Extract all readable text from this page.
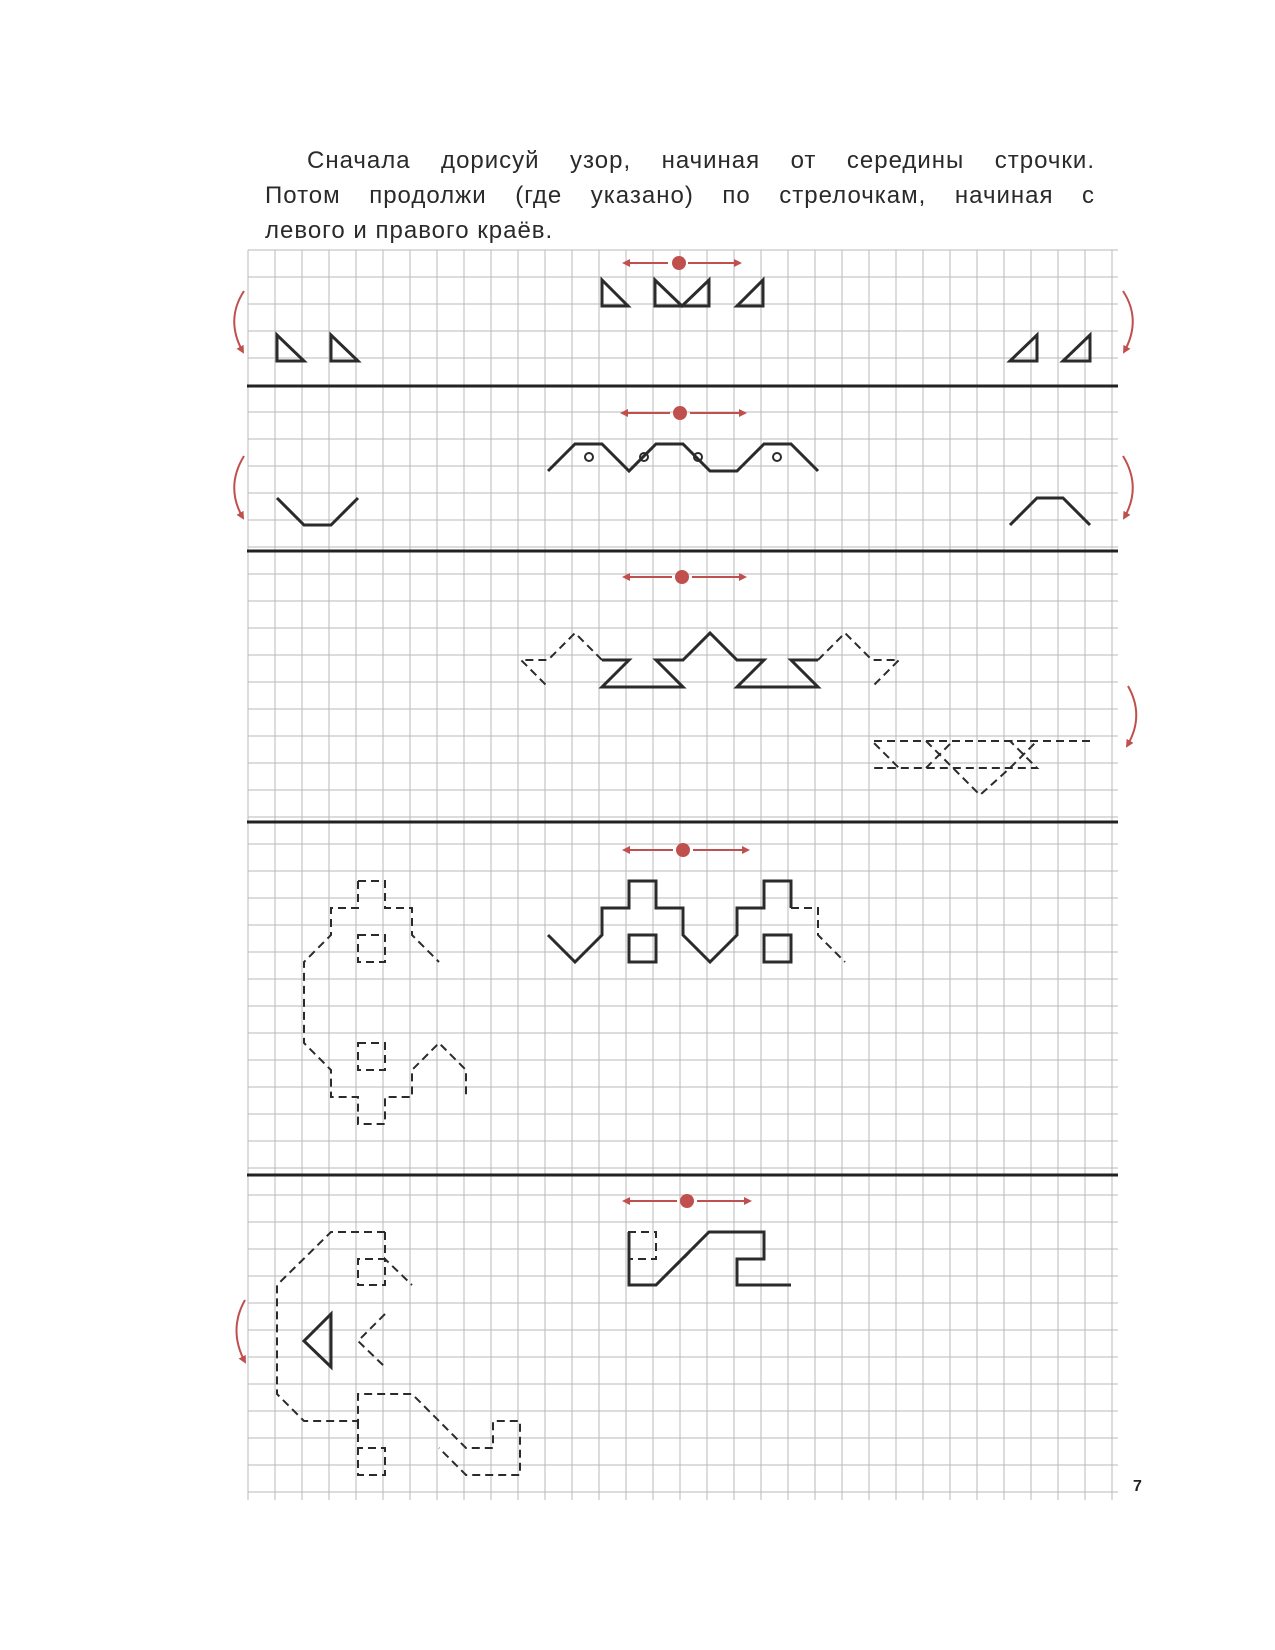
Сначала дорисуй узор, начиная от середины строчки.
Потом продолжи (где указано) по стрелочкам, начиная с
левого и правого краёв.
7
